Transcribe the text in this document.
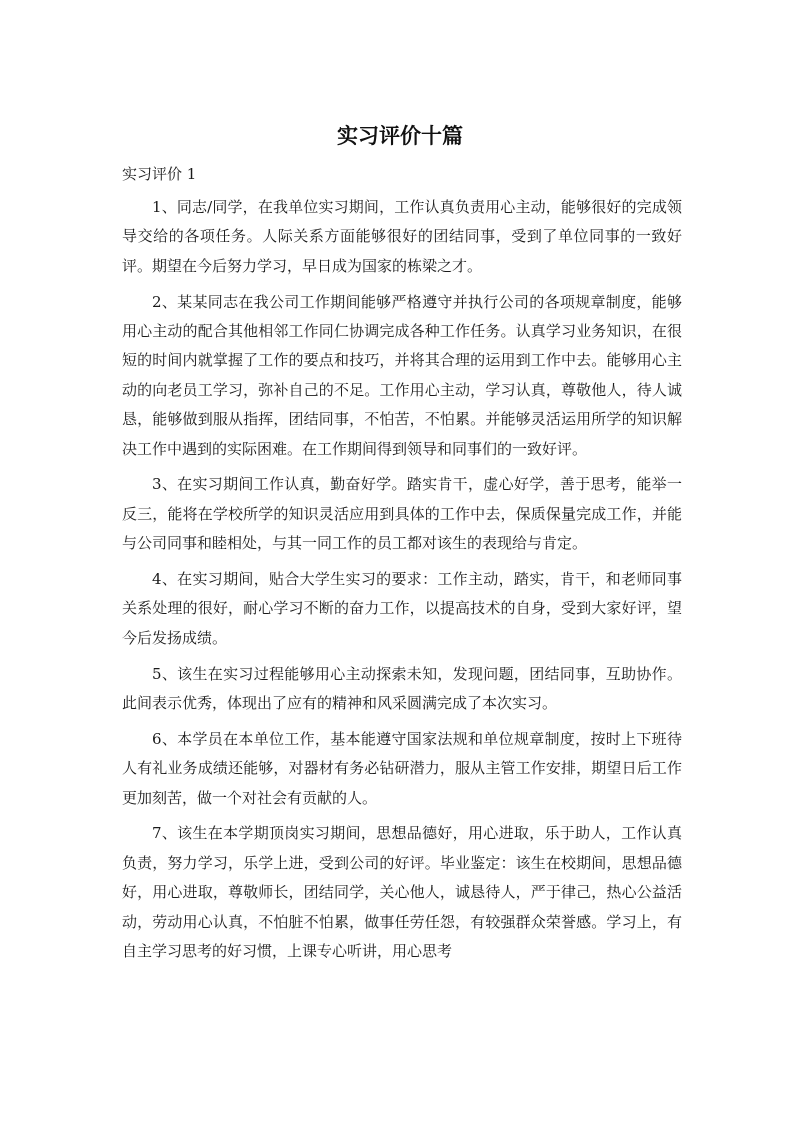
实习评价十篇
实习评价 1

1、同志/同学，在我单位实习期间，工作认真负责用心主动，能够很好的完成领导交给的各项任务。人际关系方面能够很好的团结同事，受到了单位同事的一致好评。期望在今后努力学习，早日成为国家的栋梁之才。

2、某某同志在我公司工作期间能够严格遵守并执行公司的各项规章制度，能够用心主动的配合其他相邻工作同仁协调完成各种工作任务。认真学习业务知识，在很短的时间内就掌握了工作的要点和技巧，并将其合理的运用到工作中去。能够用心主动的向老员工学习，弥补自己的不足。工作用心主动，学习认真，尊敬他人，待人诚恳，能够做到服从指挥，团结同事，不怕苦，不怕累。并能够灵活运用所学的知识解决工作中遇到的实际困难。在工作期间得到领导和同事们的一致好评。

3、在实习期间工作认真，勤奋好学。踏实肯干，虚心好学，善于思考，能举一反三，能将在学校所学的知识灵活应用到具体的工作中去，保质保量完成工作，并能与公司同事和睦相处，与其一同工作的员工都对该生的表现给与肯定。

4、在实习期间，贴合大学生实习的要求：工作主动，踏实，肯干，和老师同事关系处理的很好，耐心学习不断的奋力工作，以提高技术的自身，受到大家好评，望今后发扬成绩。

5、该生在实习过程能够用心主动探索未知，发现问题，团结同事，互助协作。此间表示优秀，体现出了应有的精神和风采圆满完成了本次实习。

6、本学员在本单位工作，基本能遵守国家法规和单位规章制度，按时上下班待人有礼业务成绩还能够，对器材有务必钻研潜力，服从主管工作安排，期望日后工作更加刻苦，做一个对社会有贡献的人。

7、该生在本学期顶岗实习期间，思想品德好，用心进取，乐于助人，工作认真负责，努力学习，乐学上进，受到公司的好评。毕业鉴定：该生在校期间，思想品德好，用心进取，尊敬师长，团结同学，关心他人，诚恳待人，严于律己，热心公益活动，劳动用心认真，不怕脏不怕累，做事任劳任怨，有较强群众荣誉感。学习上，有自主学习思考的好习惯，上课专心听讲，用心思考
